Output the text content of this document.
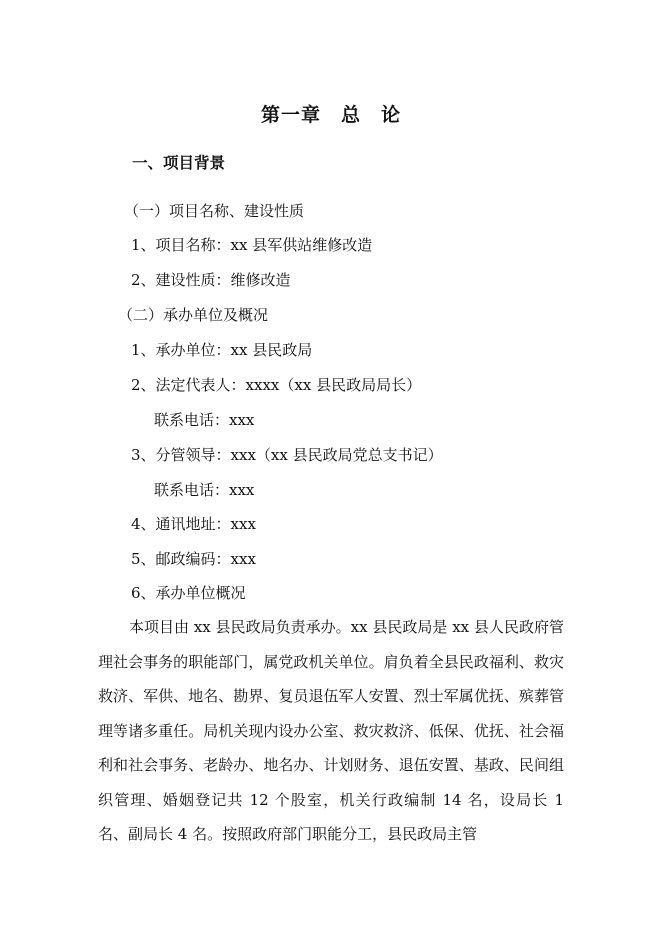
第一章　总　论
一、项目背景
（一）项目名称、建设性质
1、项目名称：xx 县军供站维修改造
2、建设性质：维修改造
（二）承办单位及概况
1、承办单位：xx 县民政局
2、法定代表人：xxxx（xx 县民政局局长）
联系电话：xxx
3、分管领导：xxx（xx 县民政局党总支书记）
联系电话：xxx
4、通讯地址：xxx
5、邮政编码：xxx
6、承办单位概况
本项目由 xx 县民政局负责承办。xx 县民政局是 xx 县人民政府管理社会事务的职能部门，属党政机关单位。肩负着全县民政福利、救灾救济、军供、地名、勘界、复员退伍军人安置、烈士军属优抚、殡葬管理等诸多重任。局机关现内设办公室、救灾救济、低保、优抚、社会福利和社会事务、老龄办、地名办、计划财务、退伍安置、基政、民间组织管理、婚姻登记共 12 个股室，机关行政编制 14 名，设局长 1 名、副局长 4 名。按照政府部门职能分工，县民政局主管
